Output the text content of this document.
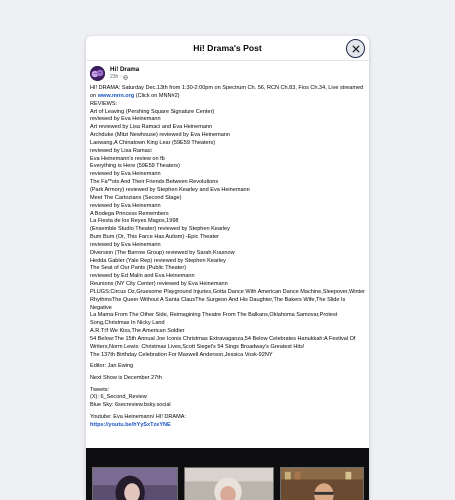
Hi! Drama's Post
Hi! Drama
23h ·
HI! DRAMA: Saturday Dec.13th from 1:30-2:00pm on Spectrum Ch. 56, RCN Ch.83, Fios Ch.34, Live streamed on www.mnn.org (Click on MNN#2)
REVIEWS:
Art of Leaving (Pershing Square Signature Center)
reviewed by Eva Heinemann
Art reviewed by Lisa Ramaci and Eva Heinemann
Archduke (Mitzi Newhouse) reviewed by Eva Heinemann
Laowang,A Chinatown King Lear (59E59 Theaters)
reviewed by Lisa Ramaci
Eva Heinemann's review on fb
Everything is Here (59E59 Theaters)
reviewed by Eva Heinemann
The Fa**ots And Their Friends Between Revolutions
(Park Armory) reviewed by Stephen Kearley and Eva Heinemann
Meet The Cartozians (Second Stage)
reviewed by Eva Heinemann
A Bodega Princess Remembers
La Fiesta de los Reyes Magos,1998
(Ensemble Studio Theater) reviewed by Stephen Kearley
Bum Bum (Or, This Farce Has Autism) -Epic Theater
reviewed by Eva Heinemann
Diversion (The Barrow Group) reviewed by Sarah Krasnow
Hedda Gabler (Yale Rep) reviewed by Stephen Kearley
The Seat of Our Pants (Public Theater)
reviewed by Ed Malin and Eva Heinemann
Reunions (NY City Center) reviewed by Eva Heinemann
PLUGS:Circus Oz,Gruesome Playground Injuries,Gotta Dance With American Dance Machine,Sleepover,Winter RhythmsThe Queer Without A Santa ClausThe Surgeon And His Daughter,The Bakers Wife,The Slide Is Negative
La Mama:From The Other Side, Reimagining Theatre From The Balkans,Oklahoma Samovar,Protest Song,Christmas In Nicky Land
A.R.T:If We Kiss,The American Soldier
54 Below:The 15th Annual Joe Iconis Christmas Extravaganza,54 Below Celebrates Hanukkah:A Festival Of Writers,Norm Lewis: Christmas Lives,Scott Siegel's 54 Sings Broadway's Greatest Hits!
The 137th Birthday Celebration For Maxwell Anderson,Jessica Vosk-92NY
Editor: Jan Ewing
Next Show is December 27th
Tweets:
(X): 6_Second_Review
Blue Sky: 6secreview.bsky.social
Youtube: Eva Heinemann/ HI! DRAMA:
https://youtu.be/hYySxTzeYNE
